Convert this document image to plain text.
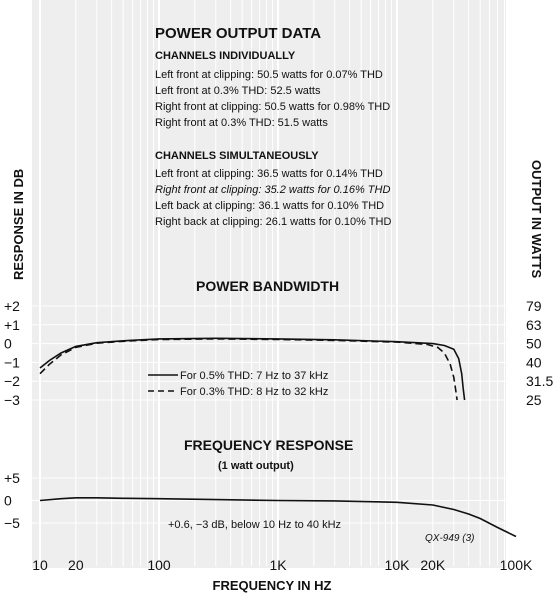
POWER OUTPUT DATA
CHANNELS INDIVIDUALLY
Left front at clipping: 50.5 watts for 0.07% THD
Left front at 0.3% THD: 52.5 watts
Right front at clipping: 50.5 watts for 0.98% THD
Right front at 0.3% THD: 51.5 watts
CHANNELS SIMULTANEOUSLY
Left front at clipping: 36.5 watts for 0.14% THD
Right front at clipping: 35.2 watts for 0.16% THD
Left back at clipping: 36.1 watts for 0.10% THD
Right back at clipping: 26.1 watts for 0.10% THD
RESPONSE IN DB	OUTPUT IN WATTS
POWER BANDWIDTH
FREQUENCY RESPONSE
(1 watt output)
For 0.5% THD: 7 Hz to 37 kHz
For 0.3% THD: 8 Hz to 32 kHz
+0.6, −3 dB, below 10 Hz to 40 kHz
QX-949 (3)
FREQUENCY IN HZ
+2
+1
0
−1
−2
−3
79
63
50
40
31.5
25
+5
0
−5
10 20	100	1K	10K 20K	100K
